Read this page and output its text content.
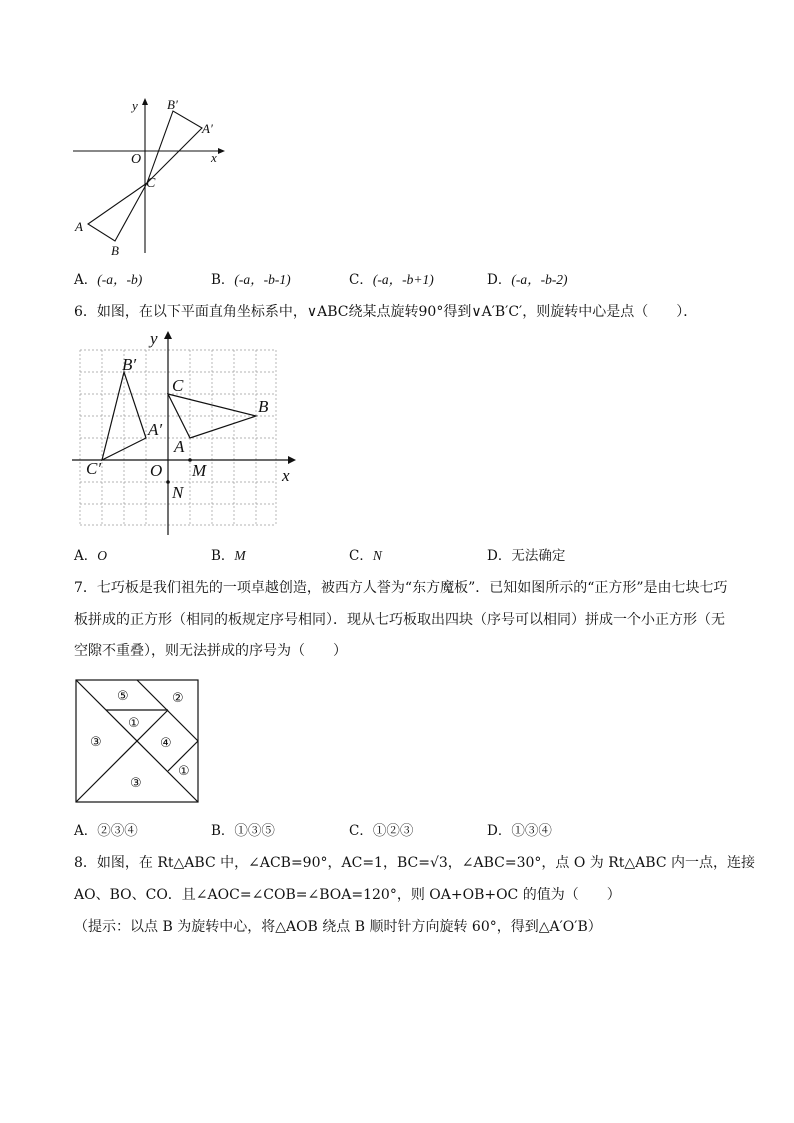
y
x
O
B′
A′
C
A
B
A．(-a，-b)	B．(-a，-b-1)	C．(-a，-b+1)	D．(-a，-b-2)
6．如图，在以下平面直角坐标系中，∨ABC绕某点旋转90°得到∨A′B′C′，则旋转中心是点（　　）．
y
x
O
B′
A′
C′
C
B
A
M
N
A．O	B．M	C．N	D．无法确定
7．七巧板是我们祖先的一项卓越创造，被西方人誉为“东方魔板”．已知如图所示的“正方形”是由七块七巧
板拼成的正方形（相同的板规定序号相同）．现从七巧板取出四块（序号可以相同）拼成一个小正方形（无
空隙不重叠），则无法拼成的序号为（　　）
⑤	②
①
③	④
①
③
A．②③④	B．①③⑤	C．①②③	D．①③④
8．如图，在 Rt△ABC 中，∠ACB=90°，AC=1，BC=√3，∠ABC=30°，点 O 为 Rt△ABC 内一点，连接
AO、BO、CO．且∠AOC=∠COB=∠BOA=120°，则 OA+OB+OC 的值为（　　）
（提示：以点 B 为旋转中心，将△AOB 绕点 B 顺时针方向旋转 60°，得到△A′O′B）
